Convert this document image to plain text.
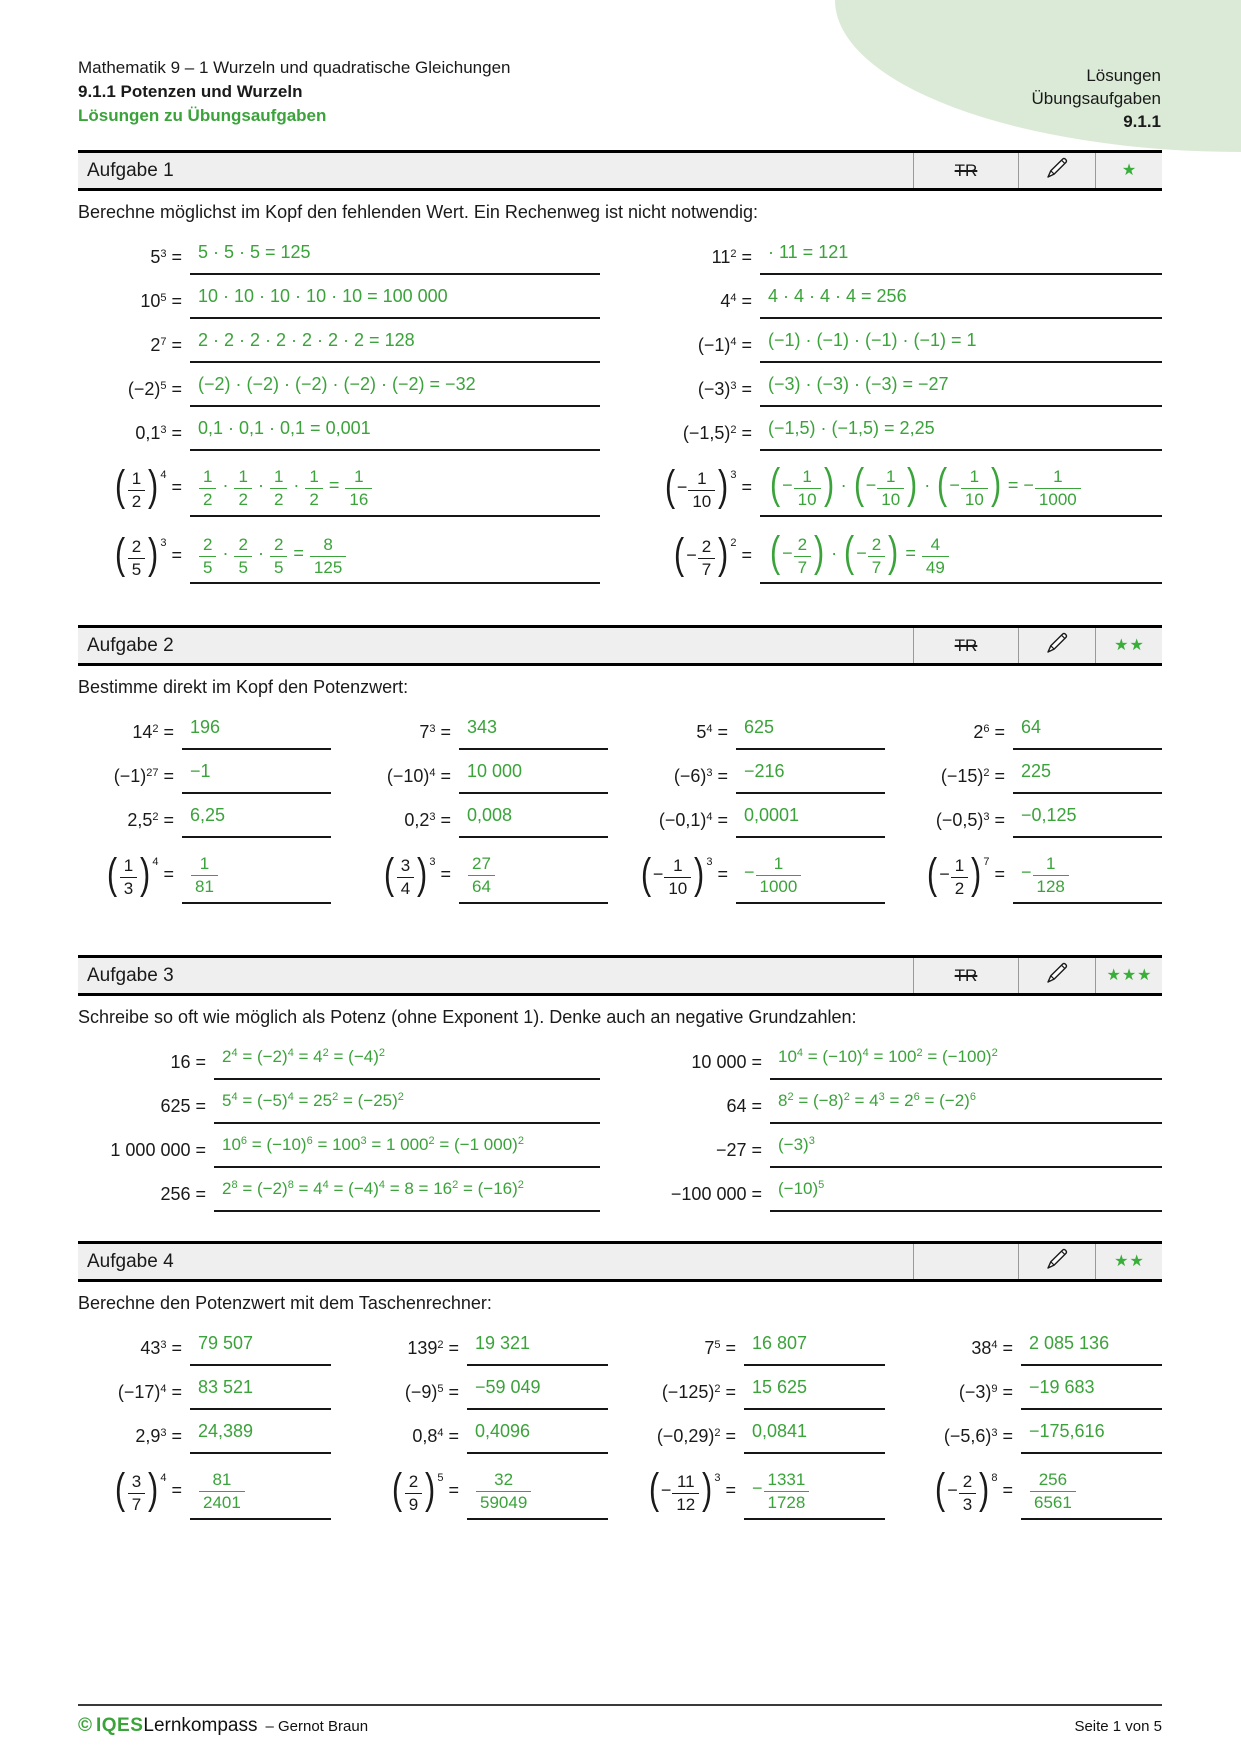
Lösungen
Übungsaufgaben
9.1.1
Mathematik 9 – 1 Wurzeln und quadratische Gleichungen
9.1.1 Potenzen und Wurzeln
Lösungen zu Übungsaufgaben
Aufgabe 1	TR	★
Berechne möglichst im Kopf den fehlenden Wert. Ein Rechenweg ist nicht notwendig:
$5^3 = 5 \cdot 5 \cdot 5 = 125$
$10^5 = 10 \cdot 10 \cdot 10 \cdot 10 \cdot 10 = 100$ 000
$2^7 = 2 \cdot 2 \cdot 2 \cdot 2 \cdot 2 \cdot 2 \cdot 2 = 128$
$(-2)^5 = (-2) \cdot (-2) \cdot (-2) \cdot (-2) \cdot (-2) = -32$
$0,1^3 = 0,1 \cdot 0,1 \cdot 0,1 = 0,001$
( $\frac{1}{2}$ ) $^4$ =	$\frac{1}{2} \cdot \frac{1}{2} \cdot \frac{1}{2} \cdot \frac{1}{2} = \frac{1}{16}$
( $\frac{2}{5}$ ) $^3$ =	$\frac{2}{5} \cdot \frac{2}{5} \cdot \frac{2}{5} = \frac{8}{125}$
$11^2$ = · 11 = 121
$4^4 = 4 \cdot 4 \cdot 4 \cdot 4 = 256$
$(-1)^4 = (-1) \cdot (-1) \cdot (-1) \cdot (-1) = 1$
$(-3)^3 = (-3) \cdot (-3) \cdot (-3) = -27$
$(-1,5)^2 = (-1,5) \cdot (-1,5) = 2,25$
( − $\frac{1}{10}$ ) $^3$ = ( − $\frac{1}{10}$ ) · ( − $\frac{1}{10}$ ) · ( − $\frac{1}{10}$ ) = − $\frac{1}{1000}$
( − $\frac{2}{7}$ ) $^2$ = ( − $\frac{2}{7}$ ) · ( − $\frac{2}{7}$ ) = $\frac{4}{49}$
Aufgabe 2	TR	★ ★
Bestimme direkt im Kopf den Potenzwert:
$14^2 = 196$
$(-1)^{27} = -1$
$2,5^2 = 6,25$
( $\frac{1}{3}$ ) $^4$ =	$\frac{1}{81}$
$7^3 = 343$
$(-10)^4 = 10$ 000
$0,2^3 = 0,008$
( $\frac{3}{4}$ ) $^3$ =	$\frac{27}{64}$
$5^4 = 625$
$(-6)^3 = -216$
$(-0,1)^4 = 0,0001$
( − $\frac{1}{10}$ ) $^3$ = − $\frac{1}{1000}$
$2^6 = 64$
$(-15)^2 = 225$
$(-0,5)^3 = -0,125$
( − $\frac{1}{2}$ ) $^7$ = − $\frac{1}{128}$
Aufgabe 3	TR	★ ★ ★
Schreibe so oft wie möglich als Potenz (ohne Exponent 1). Denke auch an negative Grundzahlen:
$16 = 2^4 = (-2)^4 = 4^2 = (-4)^2$
$625 = 5^4 = (-5)^4 = 25^2 = (-25)^2$
1 000 $000 = 10^6 = (-10)^6 = 100^3 = 1$ $000^2 = (-1$ 000)$^2$
$256 = 2^8 = (-2)^8 = 4^4 = (-4)^4 = 8 = 16^2 = (-16)^2$
10 $000 = 10^4 = (-10)^4 = 100^2 = (-100)^2$
$64 = 8^2 = (-8)^2 = 4^3 = 2^6 = (-2)^6$
$-27 = (-3)^3$
−100 $000 = (-10)^5$
Aufgabe 4	★ ★
Berechne den Potenzwert mit dem Taschenrechner:
$43^3 = 79$ 507
$(-17)^4 = 83$ 521
$2,9^3 = 24,389$
( $\frac{3}{7}$ ) $^4$ =	$\frac{81}{2401}$
$139^2 = 19$ 321
$(-9)^5 = -59$ 049
$0,8^4 = 0,4096$
( $\frac{2}{9}$ ) $^5$ =	$\frac{32}{59049}$
$7^5 = 16$ 807
$(-125)^2 = 15$ 625
$(-0,29)^2 = 0,0841$
( − $\frac{11}{12}$ ) $^3$ = − $\frac{1331}{1728}$
$38^4 = 2$ 085 136
$(-3)^9 = -19$ 683
$(-5,6)^3 = -175,616$
( − $\frac{2}{3}$ ) $^8$ =	$\frac{256}{6561}$
© IQES Lernkompass – Gernot Braun	Seite 1 von 5
